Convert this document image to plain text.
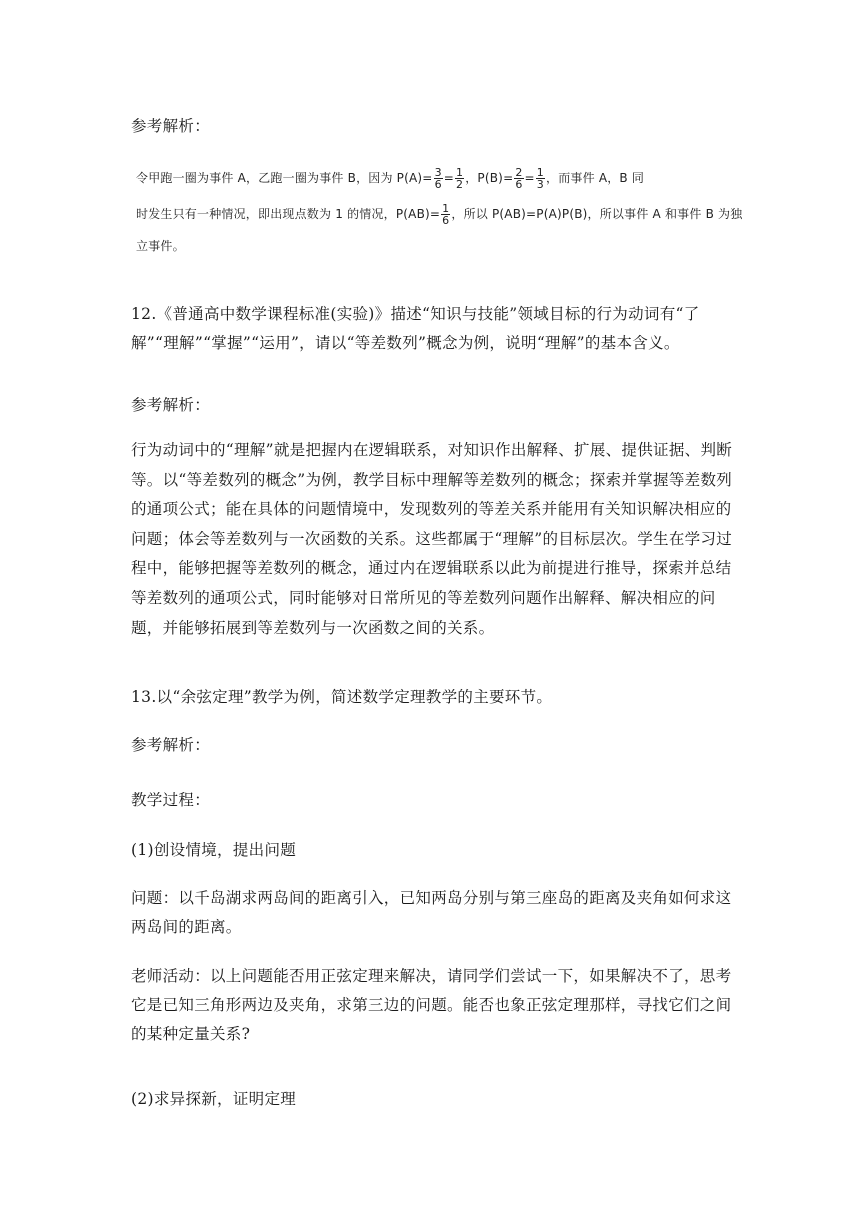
参考解析：

令甲跑一圈为事件 A，乙跑一圈为事件 B，因为 $P(A)= \frac{3}{6} = \frac{1}{2}$ ，$P(B)= \frac{2}{6} = \frac{1}{3}$ ，而事件 A，B 同
时发生只有一种情况，即出现点数为 1 的情况，$P(AB)= \frac{1}{6}$ ，所以 P(AB)=P(A)P(B)，所以事件 A 和事件 B 为独
立事件。

12.《普通高中数学课程标准(实验)》描述“知识与技能”领域目标的行为动词有“了解”“理解”“掌握”“运用”，请以“等差数列”概念为例，说明“理解”的基本含义。

参考解析：

行为动词中的“理解”就是把握内在逻辑联系，对知识作出解释、扩展、提供证据、判断等。以“等差数列的概念”为例，教学目标中理解等差数列的概念；探索并掌握等差数列的通项公式；能在具体的问题情境中，发现数列的等差关系并能用有关知识解决相应的问题；体会等差数列与一次函数的关系。这些都属于“理解”的目标层次。学生在学习过程中，能够把握等差数列的概念，通过内在逻辑联系以此为前提进行推导，探索并总结等差数列的通项公式，同时能够对日常所见的等差数列问题作出解释、解决相应的问题，并能够拓展到等差数列与一次函数之间的关系。

13.以“余弦定理”教学为例，简述数学定理教学的主要环节。

参考解析：

教学过程：

(1)创设情境，提出问题

问题：以千岛湖求两岛间的距离引入，已知两岛分别与第三座岛的距离及夹角如何求这两岛间的距离。

老师活动：以上问题能否用正弦定理来解决，请同学们尝试一下，如果解决不了，思考它是已知三角形两边及夹角，求第三边的问题。能否也象正弦定理那样，寻找它们之间的某种定量关系?

(2)求异探新，证明定理
